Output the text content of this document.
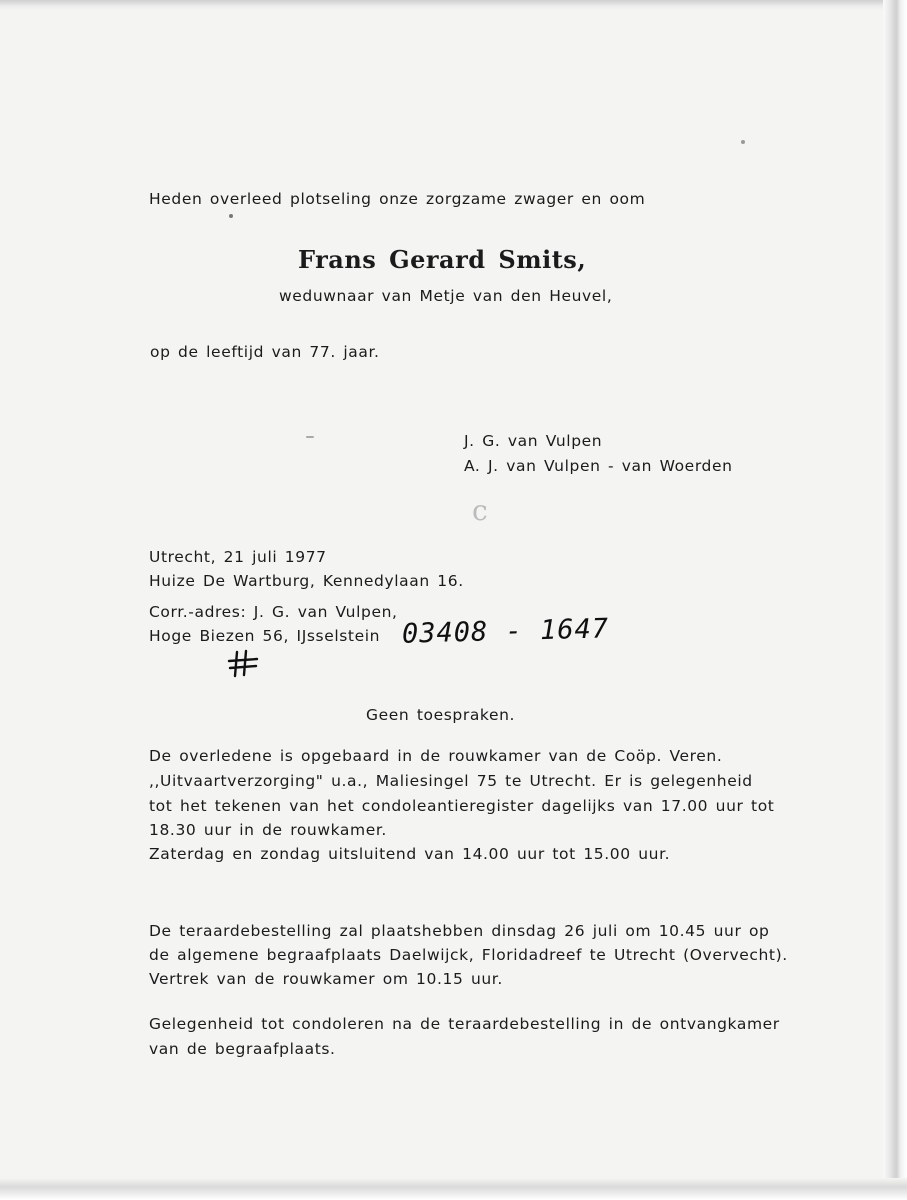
Heden overleed plotseling onze zorgzame zwager en oom
Frans Gerard Smits,
weduwnaar van Metje van den Heuvel,
op de leeftijd van 77. jaar.
J. G. van Vulpen
A. J. van Vulpen - van Woerden
c
Utrecht, 21 juli 1977
Huize De Wartburg, Kennedylaan 16.
Corr.-adres: J. G. van Vulpen,
Hoge Biezen 56, IJsselstein 03408 - 1647
Geen toespraken.
De overledene is opgebaard in de rouwkamer van de Coöp. Veren.
,,Uitvaartverzorging" u.a., Maliesingel 75 te Utrecht. Er is gelegenheid
tot het tekenen van het condoleantieregister dagelijks van 17.00 uur tot
18.30 uur in de rouwkamer.
Zaterdag en zondag uitsluitend van 14.00 uur tot 15.00 uur.
De teraardebestelling zal plaatshebben dinsdag 26 juli om 10.45 uur op
de algemene begraafplaats Daelwijck, Floridadreef te Utrecht (Overvecht).
Vertrek van de rouwkamer om 10.15 uur.
Gelegenheid tot condoleren na de teraardebestelling in de ontvangkamer
van de begraafplaats.
